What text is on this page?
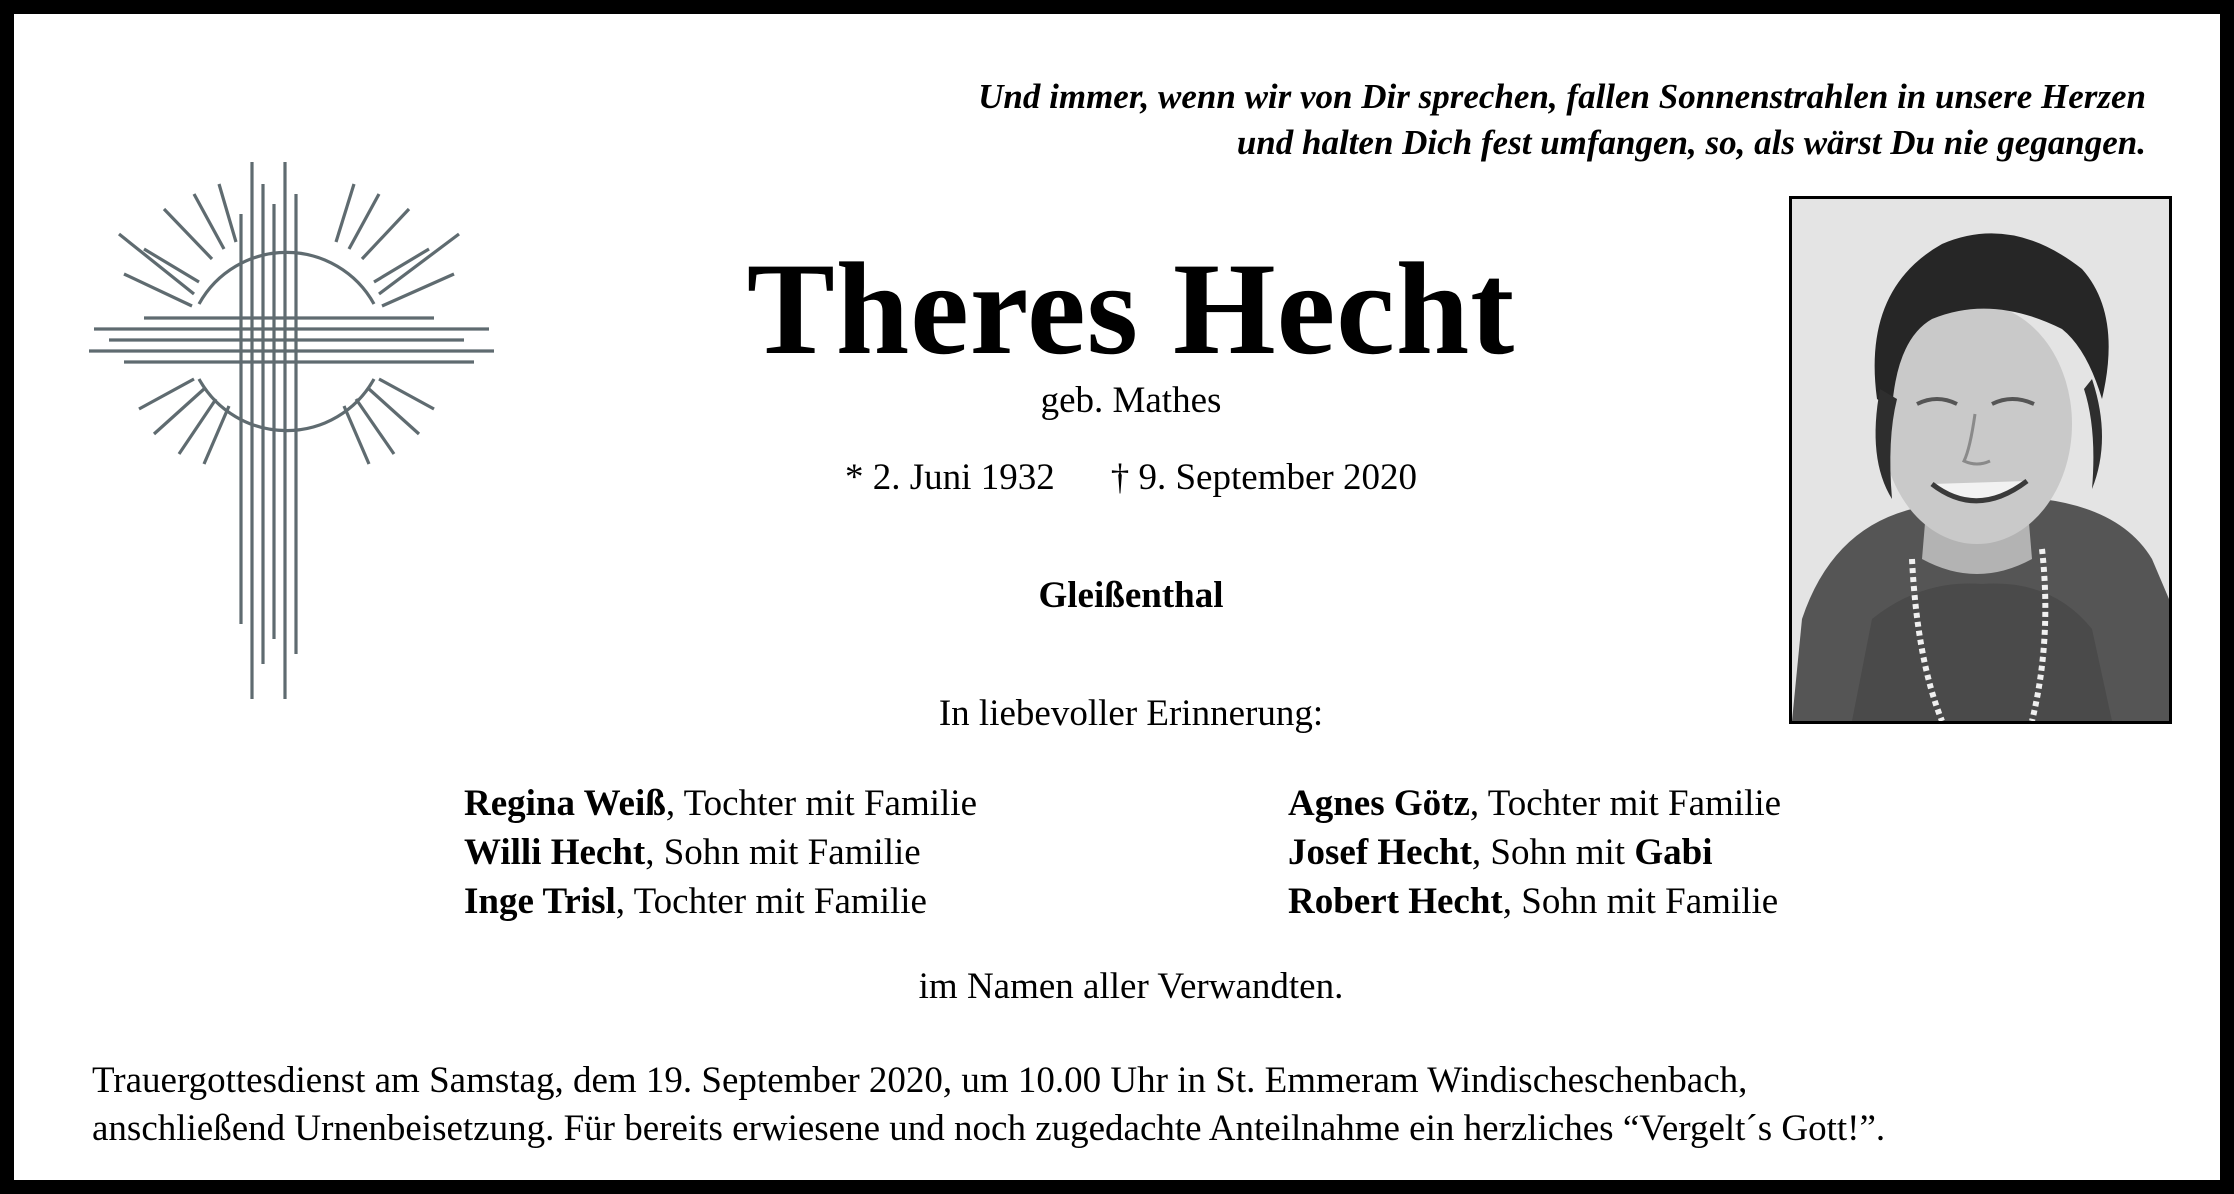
Und immer, wenn wir von Dir sprechen, fallen Sonnenstrahlen in unsere Herzen
und halten Dich fest umfangen, so, als wärst Du nie gegangen.
Theres Hecht
geb. Mathes
* 2. Juni 1932 † 9. September 2020
Gleißenthal
In liebevoller Erinnerung:
Regina Weiß, Tochter mit Familie
Willi Hecht, Sohn mit Familie
Inge Trisl, Tochter mit Familie
Agnes Götz, Tochter mit Familie
Josef Hecht, Sohn mit Gabi
Robert Hecht, Sohn mit Familie
im Namen aller Verwandten.
Trauergottesdienst am Samstag, dem 19. September 2020, um 10.00 Uhr in St. Emmeram Windischeschenbach,
anschließend Urnenbeisetzung. Für bereits erwiesene und noch zugedachte Anteilnahme ein herzliches “Vergelt´s Gott!”.
